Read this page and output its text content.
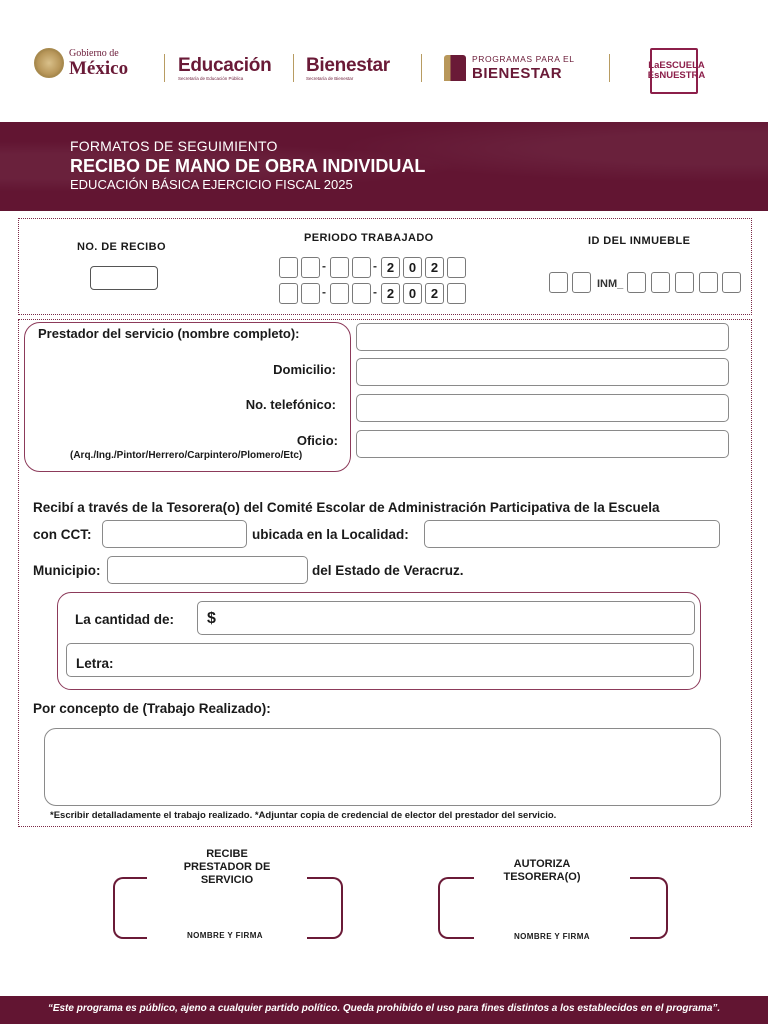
Gobierno de
México	Educación
Secretaría de Educación Pública
Bienestar
Secretaría de Bienestar
PROGRAMAS PARA EL
BIENESTAR	LaESCUELA
EsNUESTRA
FORMATOS DE SEGUIMIENTO
RECIBO DE MANO DE OBRA INDIVIDUAL
EDUCACIÓN BÁSICA EJERCICIO FISCAL 2025
NO. DE RECIBO
PERIODO TRABAJADO
-	- 2	0	2
-	- 2	0	2
ID DEL INMUEBLE
INM_
Prestador del servicio (nombre completo):
Domicilio:
No. telefónico:
Oficio:
(Arq./Ing./Pintor/Herrero/Carpintero/Plomero/Etc)
Recibí a través de la Tesorera(o) del Comité Escolar de Administración Participativa de la Escuela
con CCT:	ubicada en la Localidad:
Municipio:	del Estado de Veracruz.
La cantidad de: $
Letra:
Por concepto de (Trabajo Realizado):
*Escribir detalladamente el trabajo realizado. *Adjuntar copia de credencial de elector del prestador del servicio.
RECIBE
PRESTADOR DE
SERVICIO
NOMBRE Y FIRMA
AUTORIZA
TESORERA(O)
NOMBRE Y FIRMA
“Este programa es público, ajeno a cualquier partido político. Queda prohibido el uso para fines distintos a los establecidos en el programa”.
